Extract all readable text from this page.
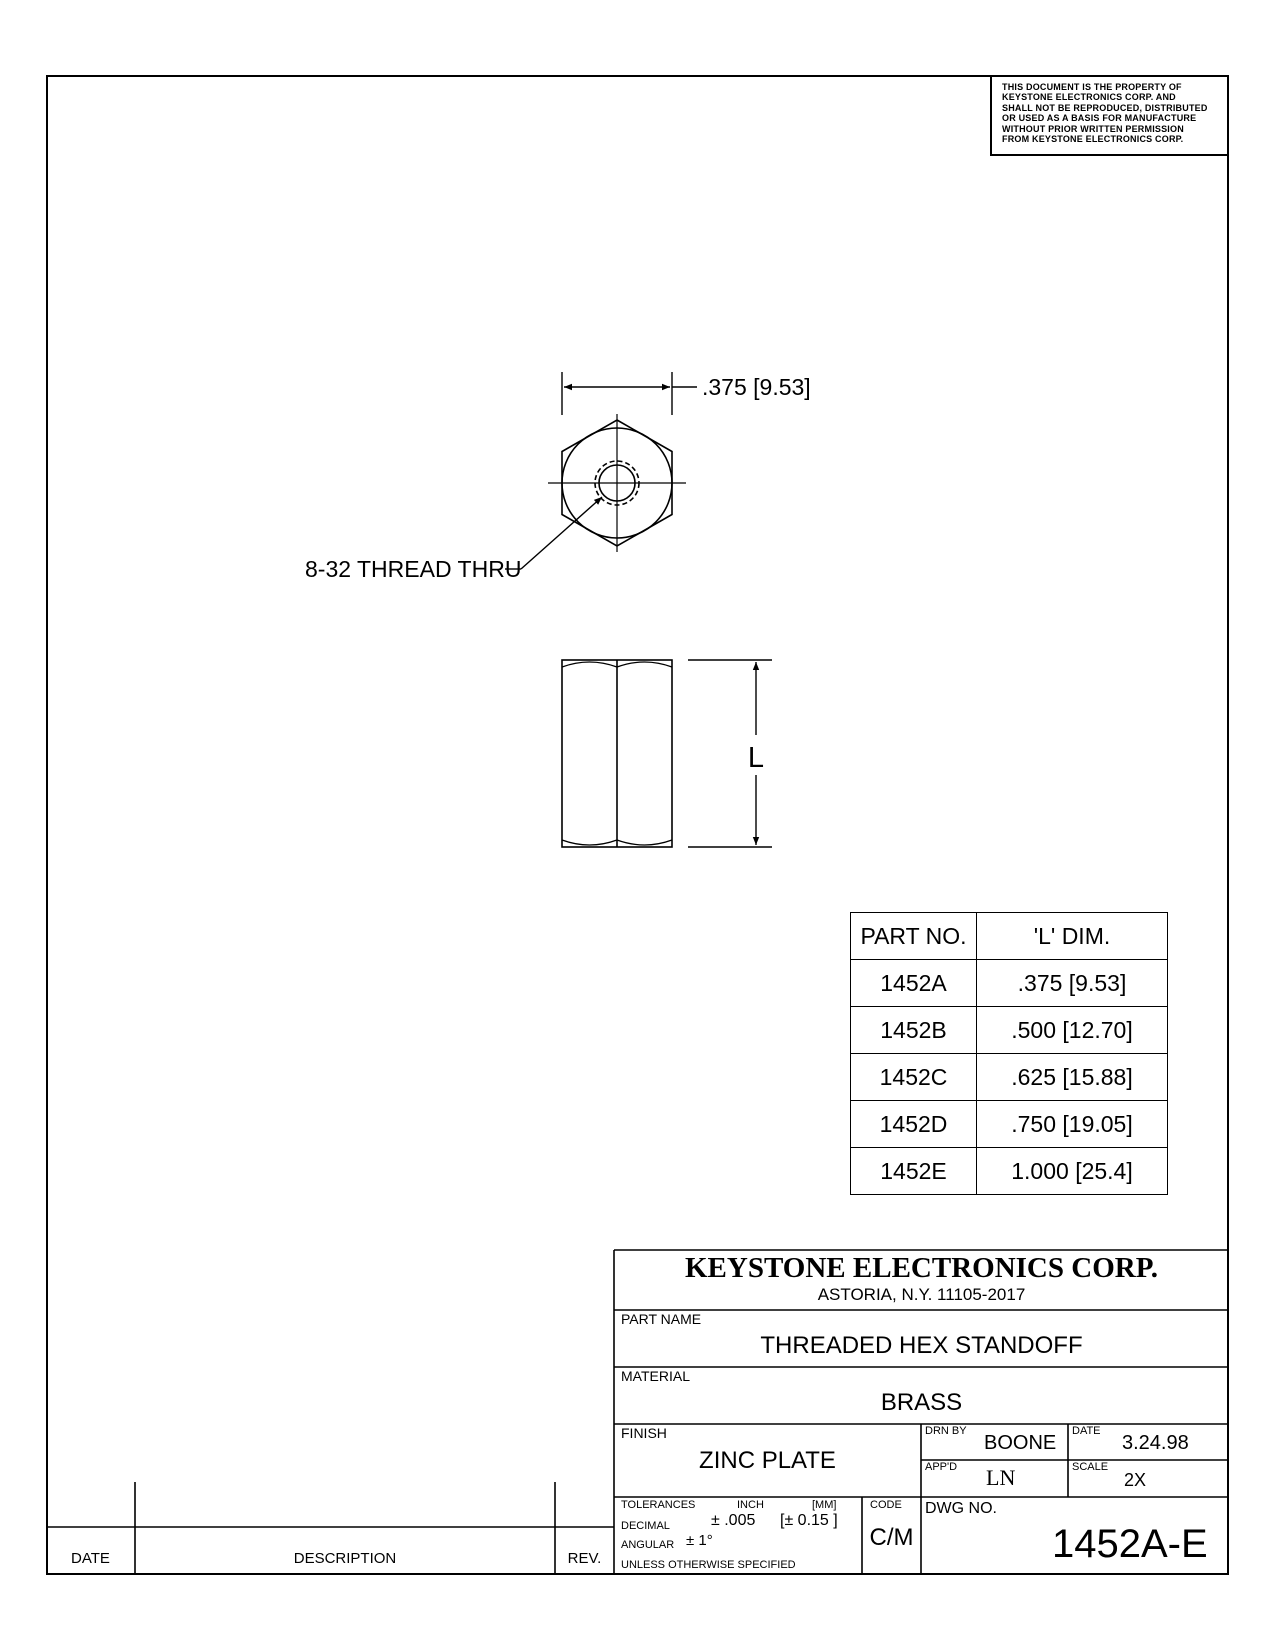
THIS DOCUMENT IS THE PROPERTY OF
KEYSTONE ELECTRONICS CORP. AND
SHALL NOT BE REPRODUCED, DISTRIBUTED
OR USED AS A BASIS FOR MANUFACTURE
WITHOUT PRIOR WRITTEN PERMISSION
FROM KEYSTONE ELECTRONICS CORP.
.375 [9.53]
8-32 THREAD THRU
L
PART NO.	'L' DIM.
1452A	.375 [9.53]
1452B	.500 [12.70]
1452C	.625 [15.88]
1452D	.750 [19.05]
1452E	1.000 [25.4]
KEYSTONE ELECTRONICS CORP.
ASTORIA, N.Y. 11105-2017
PART NAME
THREADED HEX STANDOFF
MATERIAL
BRASS
FINISH
ZINC PLATE
DRN BY
BOONE
DATE
3.24.98
APP'D LN	SCALE
2X
TOLERANCES	INCH	[MM]
DECIMAL	± .005 [± 0.15 ]
ANGULAR ± 1°
UNLESS OTHERWISE SPECIFIED
CODE
C/M
DWG NO.
1452A-E
DATE	DESCRIPTION	REV.
